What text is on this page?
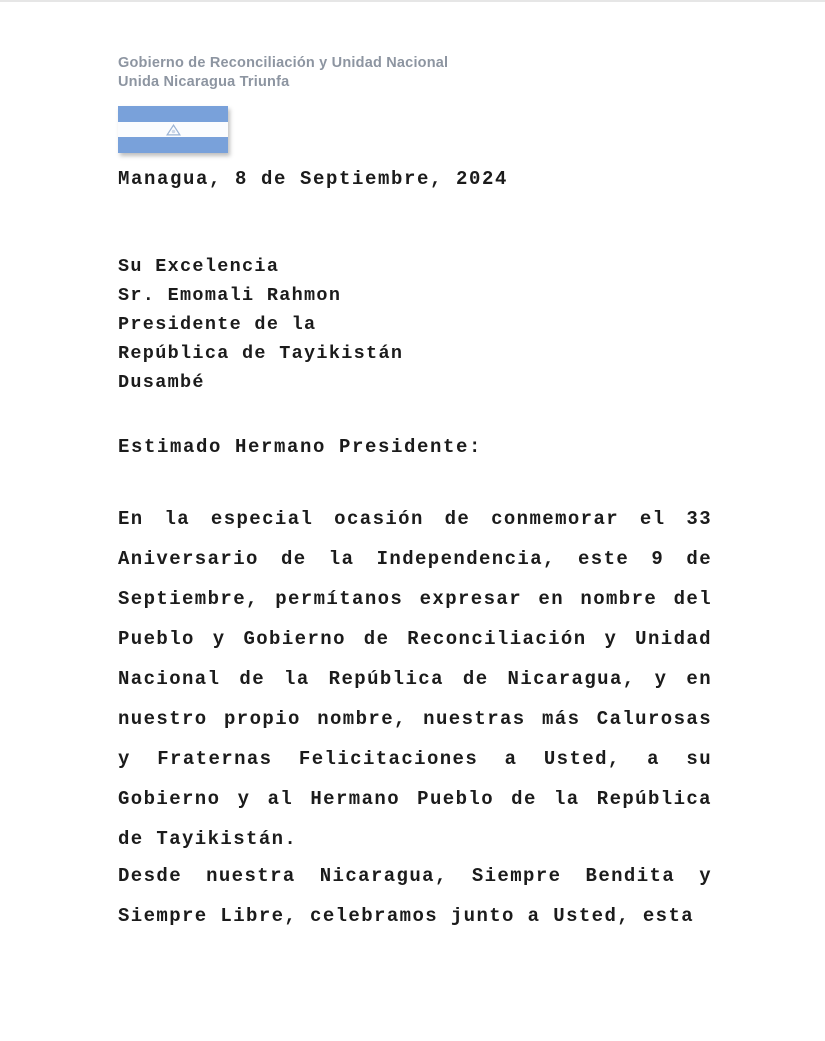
Gobierno de Reconciliación y Unidad Nacional
Unida Nicaragua Triunfa

Managua, 8 de Septiembre, 2024

Su Excelencia
Sr. Emomali Rahmon
Presidente de la
República de Tayikistán
Dusambé

Estimado Hermano Presidente:

En la especial ocasión de conmemorar el 33 Aniversario de la Independencia, este 9 de Septiembre, permítanos expresar en nombre del Pueblo y Gobierno de Reconciliación y Unidad Nacional de la República de Nicaragua, y en nuestro propio nombre, nuestras más Calurosas y Fraternas Felicitaciones a Usted, a su Gobierno y al Hermano Pueblo de la República de Tayikistán.

Desde nuestra Nicaragua, Siempre Bendita y Siempre Libre, celebramos junto a Usted, esta
